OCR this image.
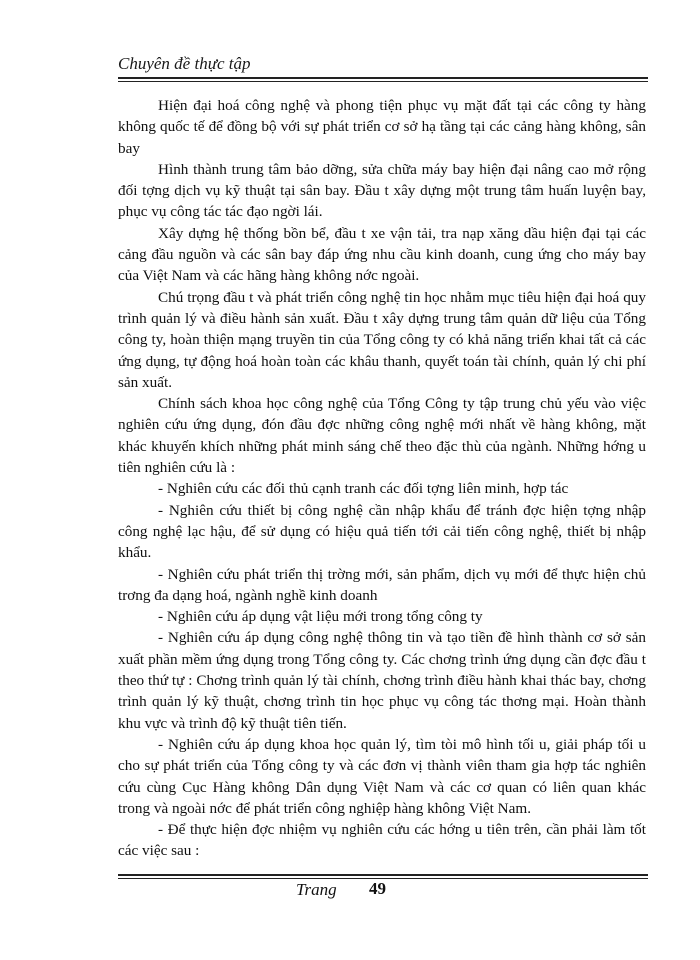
Chuyên đề thực tập

Hiện đại hoá công nghệ và phong tiện phục vụ mặt đất tại các công ty hàng không quốc tế để đồng bộ với sự phát triển cơ sở hạ tầng tại các cảng hàng không, sân bay

Hình thành trung tâm bảo dỡng, sửa chữa máy bay hiện đại nâng cao mở rộng đối tợng dịch vụ kỹ thuật tại sân bay. Đầu t xây dựng một trung tâm huấn luyện bay, phục vụ công tác tác đạo ngời lái.

Xây dựng hệ thống bồn bể, đầu t xe vận tải, tra nạp xăng dầu hiện đại tại các cảng đầu nguồn và các sân bay đáp ứng nhu cầu kinh doanh, cung ứng cho máy bay của Việt Nam và các hãng hàng không nớc ngoài.

Chú trọng đầu t và phát triển công nghệ tin học nhằm mục tiêu hiện đại hoá quy trình quản lý và điều hành sản xuất. Đầu t xây dựng trung tâm quản dữ liệu của Tổng công ty, hoàn thiện mạng truyền tin của Tổng công ty có khả năng triển khai tất cả các ứng dụng, tự động hoá hoàn toàn các khâu thanh, quyết toán tài chính, quản lý chi phí sản xuất.

Chính sách khoa học công nghệ của Tổng Công ty tập trung chủ yếu vào việc nghiên cứu ứng dụng, đón đầu đợc những công nghệ mới nhất về hàng không, mặt khác khuyến khích những phát minh sáng chế theo đặc thù của ngành. Những hớng u tiên nghiên cứu là :

- Nghiên cứu các đối thủ cạnh tranh các đối tợng liên minh, hợp tác

- Nghiên cứu thiết bị công nghệ cần nhập khẩu để tránh đợc hiện tợng nhập công nghệ lạc hậu, để sử dụng có hiệu quả tiến tới cải tiến công nghệ, thiết bị nhập khẩu.

- Nghiên cứu phát triển thị trờng mới, sản phẩm, dịch vụ mới để thực hiện chủ trơng đa dạng hoá, ngành nghề kinh doanh

- Nghiên cứu áp dụng vật liệu mới trong tổng công ty

- Nghiên cứu áp dụng công nghệ thông tin và tạo tiền đề hình thành cơ sở sản xuất phần mềm ứng dụng trong Tổng công ty. Các chơng trình ứng dụng cần đợc đầu t theo thứ tự : Chơng trình quản lý tài chính, chơng trình điều hành khai thác bay, chơng trình quản lý kỹ thuật, chơng trình tin học phục vụ công tác thơng mại. Hoàn thành khu vực và trình độ kỹ thuật tiên tiến.

- Nghiên cứu áp dụng khoa học quản lý, tìm tòi mô hình tối u, giải pháp tối u cho sự phát triển của Tổng công ty và các đơn vị thành viên tham gia hợp tác nghiên cứu cùng Cục Hàng không Dân dụng Việt Nam và các cơ quan có liên quan khác trong và ngoài nớc để phát triển công nghiệp hàng không Việt Nam.

- Để thực hiện đợc nhiệm vụ nghiên cứu các hớng u tiên trên, cần phải làm tốt các việc sau :

Trang 49
